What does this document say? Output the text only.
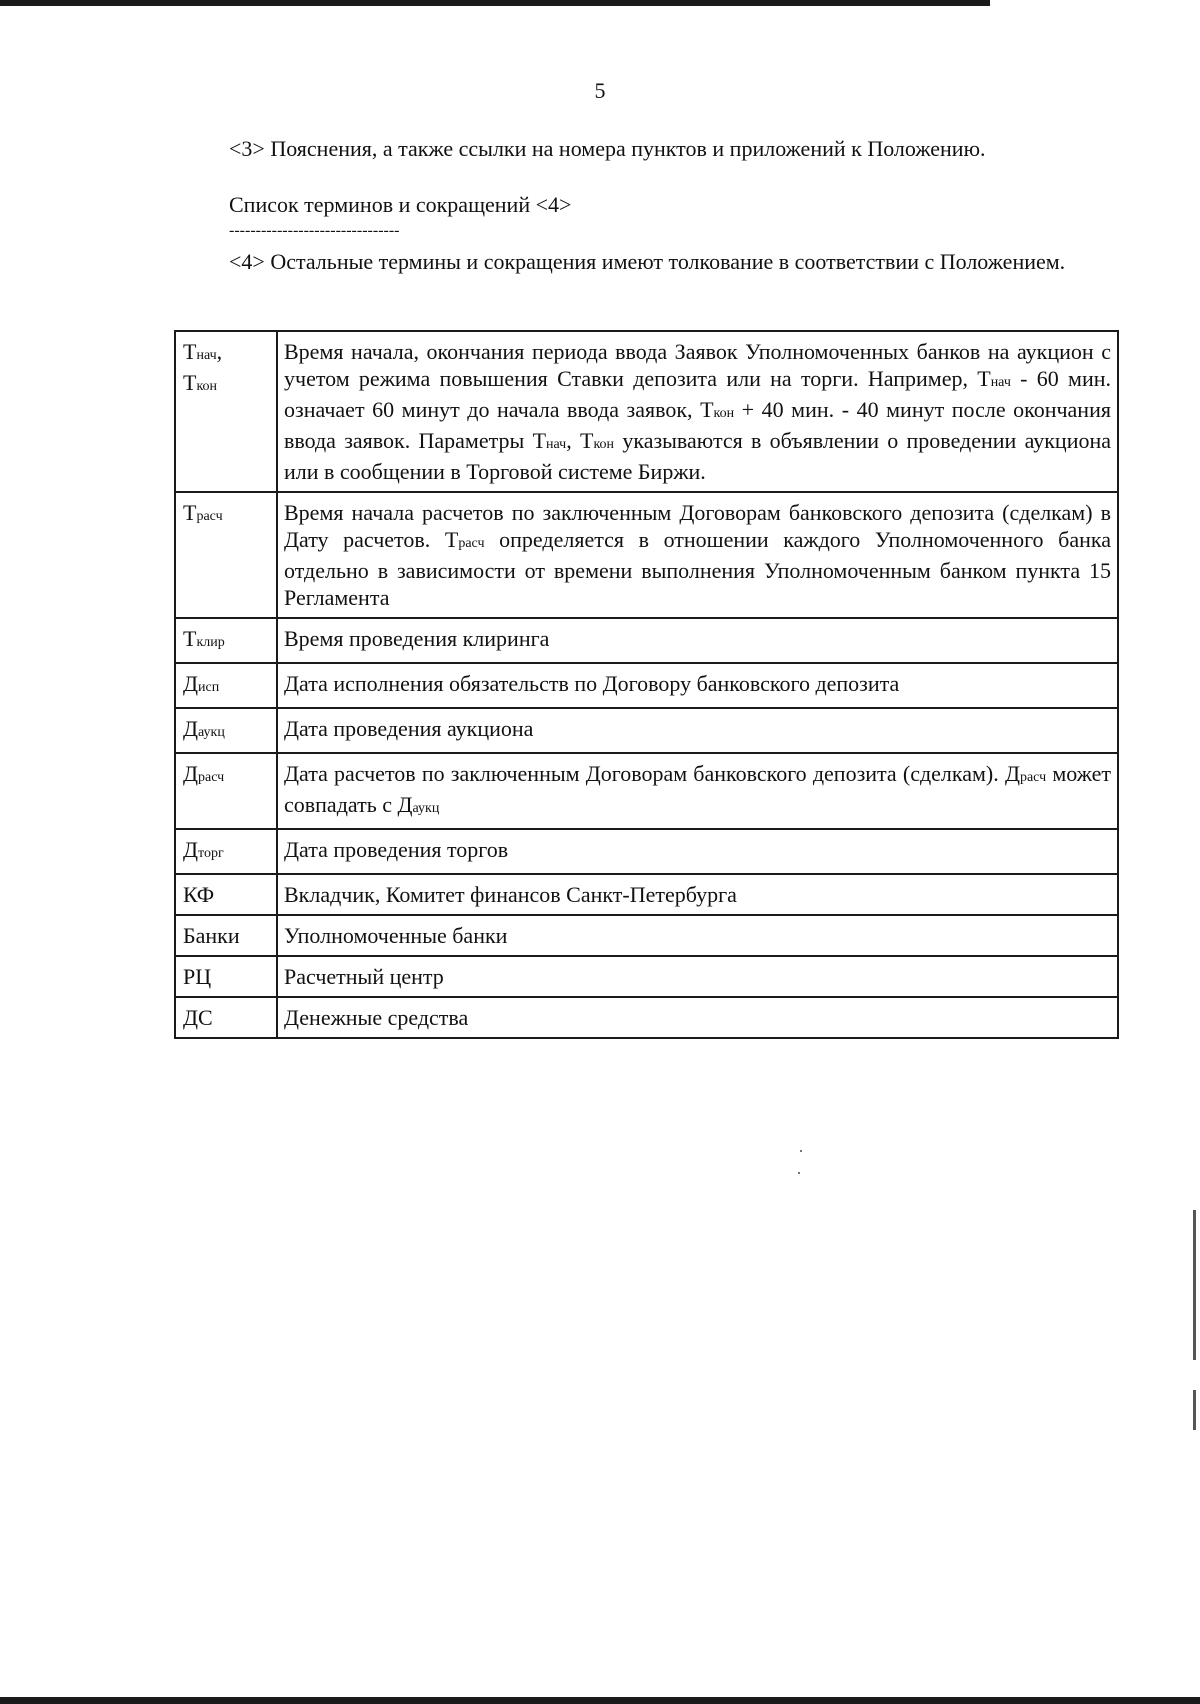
5
<3> Пояснения, а также ссылки на номера пунктов и приложений к Положению.
Список терминов и сокращений <4>
--------------------------------
<4> Остальные термины и сокращения имеют толкование в соответствии с Положением.
Тнач,
Ткон	Время начала, окончания периода ввода Заявок Уполномоченных банков на аукцион с учетом режима повышения Ставки депозита или на торги. Например, Тнач - 60 мин. означает 60 минут до начала ввода заявок, Ткон + 40 мин. - 40 минут после окончания ввода заявок. Параметры Тнач, Ткон указываются в объявлении о проведении аукциона или в сообщении в Торговой системе Биржи.
Трасч	Время начала расчетов по заключенным Договорам банковского депозита (сделкам) в Дату расчетов. Трасч определяется в отношении каждого Уполномоченного банка отдельно в зависимости от времени выполнения Уполномоченным банком пункта 15 Регламента
Тклир	Время проведения клиринга
Дисп	Дата исполнения обязательств по Договору банковского депозита
Даукц	Дата проведения аукциона
Драсч	Дата расчетов по заключенным Договорам банковского депозита (сделкам). Драсч может совпадать с Даукц
Дторг	Дата проведения торгов
КФ	Вкладчик, Комитет финансов Санкт-Петербурга
Банки	Уполномоченные банки
РЦ	Расчетный центр
ДС	Денежные средства
